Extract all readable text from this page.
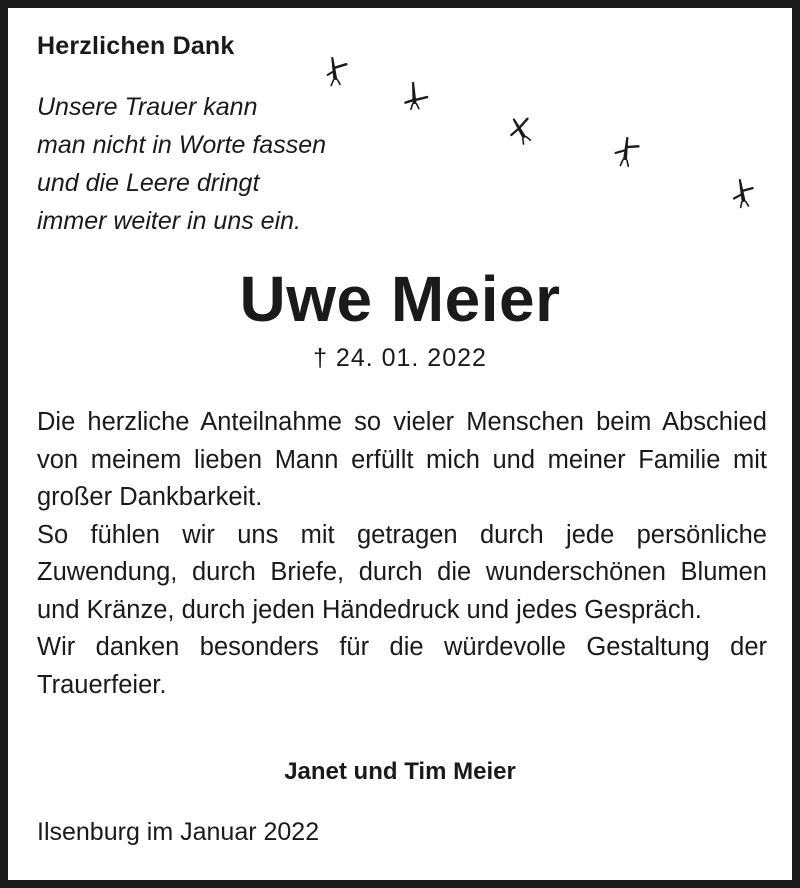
Herzlichen Dank
Unsere Trauer kann
man nicht in Worte fassen
und die Leere dringt
immer weiter in uns ein.
Uwe Meier
† 24. 01. 2022

Die herzliche Anteilnahme so vieler Menschen beim Abschied von meinem lieben Mann erfüllt mich und meiner Familie mit großer Dankbarkeit.

So fühlen wir uns mit getragen durch jede persönliche Zuwendung, durch Briefe, durch die wunderschönen Blumen und Kränze, durch jeden Händedruck und jedes Gespräch.

Wir danken besonders für die würdevolle Gestaltung der Trauerfeier.

Janet und Tim Meier
Ilsenburg im Januar 2022
